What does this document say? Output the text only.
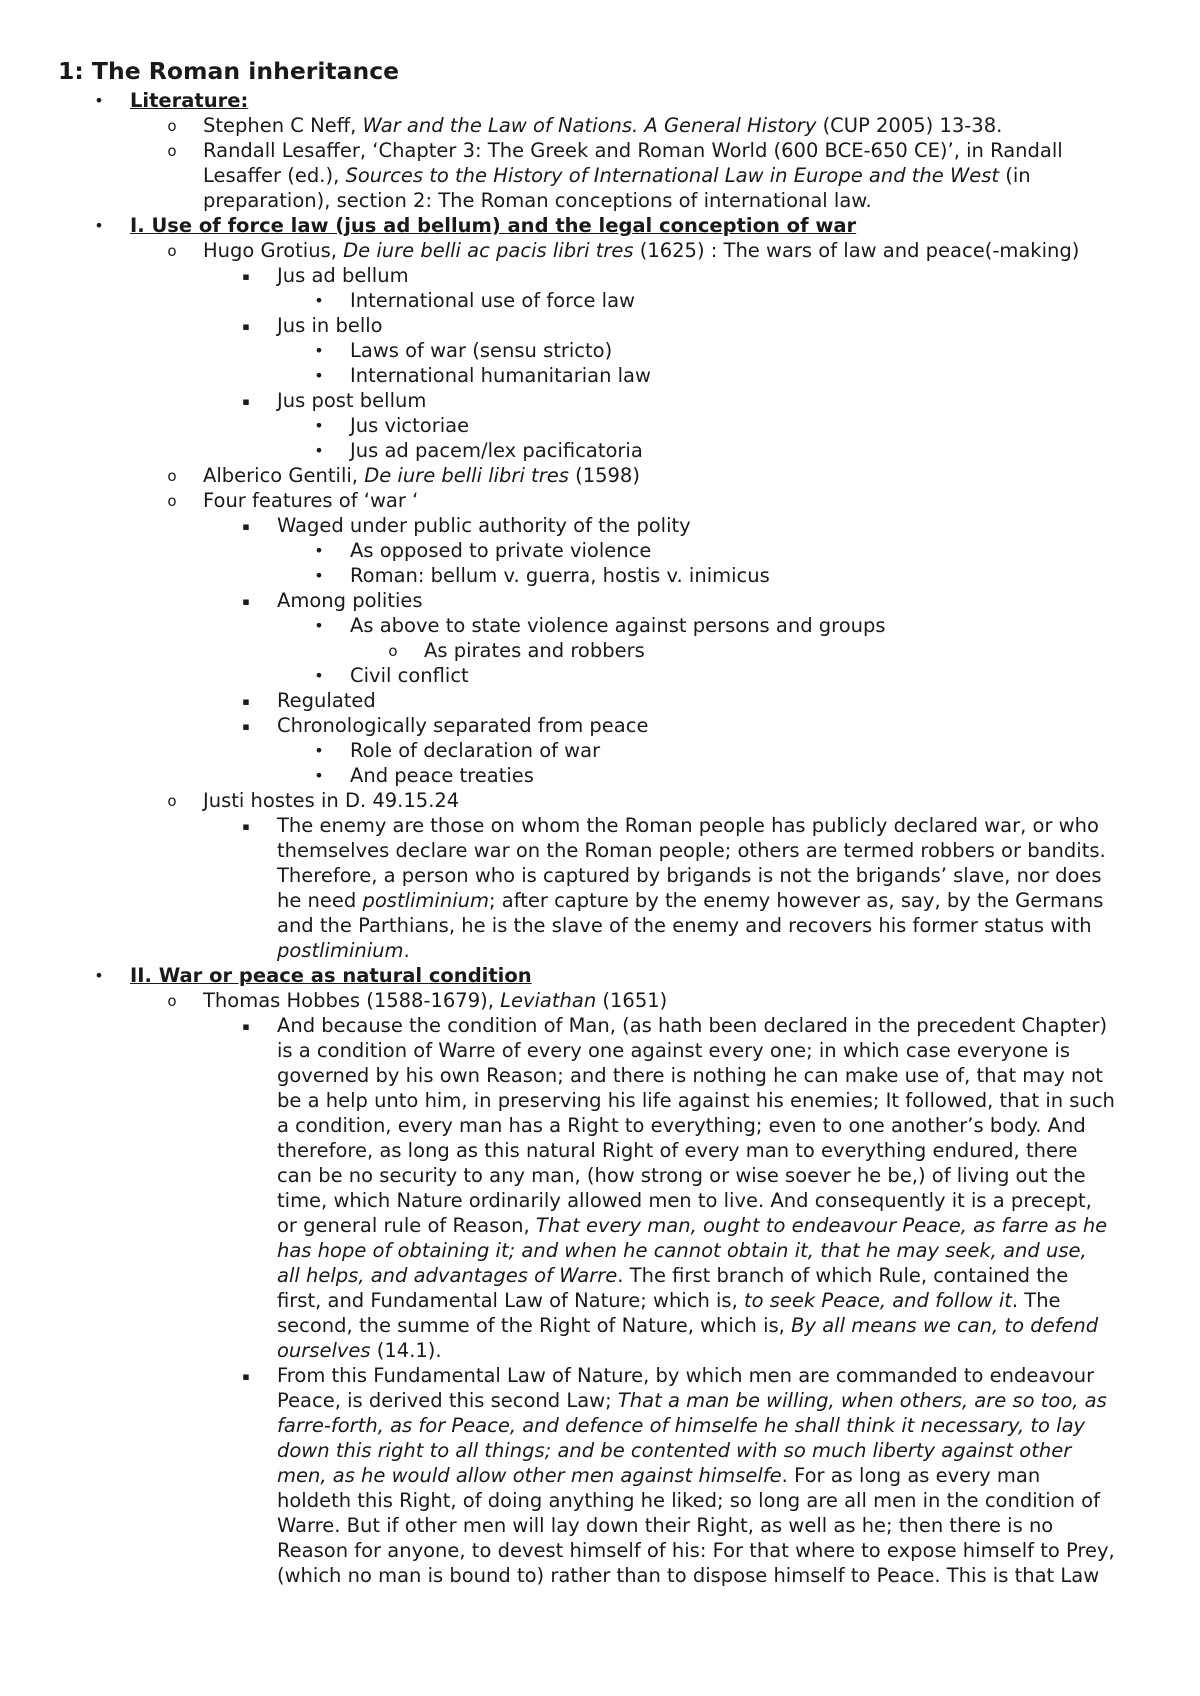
1: The Roman inheritance
• Literature:
o Stephen C Neff, War and the Law of Nations. A General History (CUP 2005) 13-38.
o Randall Lesaffer, ‘Chapter 3: The Greek and Roman World (600 BCE-650 CE)’, in Randall
Lesaffer (ed.), Sources to the History of International Law in Europe and the West (in
preparation), section 2: The Roman conceptions of international law.
• I. Use of force law (jus ad bellum) and the legal conception of war
o Hugo Grotius, De iure belli ac pacis libri tres (1625) : The wars of law and peace(-making)
▪	Jus ad bellum
• International use of force law
▪	Jus in bello
• Laws of war (sensu stricto)
• International humanitarian law
▪	Jus post bellum
• Jus victoriae
• Jus ad pacem/lex pacificatoria
o Alberico Gentili, De iure belli libri tres (1598)
o Four features of ‘war ‘
▪	Waged under public authority of the polity
• As opposed to private violence
• Roman: bellum v. guerra, hostis v. inimicus
▪	Among polities
• As above to state violence against persons and groups
o As pirates and robbers
• Civil conflict
▪	Regulated
▪	Chronologically separated from peace
• Role of declaration of war
• And peace treaties
o Justi hostes in D. 49.15.24
▪	The enemy are those on whom the Roman people has publicly declared war, or who
themselves declare war on the Roman people; others are termed robbers or bandits.
Therefore, a person who is captured by brigands is not the brigands’ slave, nor does
he need postliminium; after capture by the enemy however as, say, by the Germans
and the Parthians, he is the slave of the enemy and recovers his former status with
postliminium.
• II. War or peace as natural condition
o Thomas Hobbes (1588-1679), Leviathan (1651)
▪	And because the condition of Man, (as hath been declared in the precedent Chapter)
is a condition of Warre of every one against every one; in which case everyone is
governed by his own Reason; and there is nothing he can make use of, that may not
be a help unto him, in preserving his life against his enemies; It followed, that in such
a condition, every man has a Right to everything; even to one another’s body. And
therefore, as long as this natural Right of every man to everything endured, there
can be no security to any man, (how strong or wise soever he be,) of living out the
time, which Nature ordinarily allowed men to live. And consequently it is a precept,
or general rule of Reason, That every man, ought to endeavour Peace, as farre as he
has hope of obtaining it; and when he cannot obtain it, that he may seek, and use,
all helps, and advantages of Warre. The first branch of which Rule, contained the
first, and Fundamental Law of Nature; which is, to seek Peace, and follow it. The
second, the summe of the Right of Nature, which is, By all means we can, to defend
ourselves (14.1).
▪	From this Fundamental Law of Nature, by which men are commanded to endeavour
Peace, is derived this second Law; That a man be willing, when others, are so too, as
farre-forth, as for Peace, and defence of himselfe he shall think it necessary, to lay
down this right to all things; and be contented with so much liberty against other
men, as he would allow other men against himselfe. For as long as every man
holdeth this Right, of doing anything he liked; so long are all men in the condition of
Warre. But if other men will lay down their Right, as well as he; then there is no
Reason for anyone, to devest himself of his: For that where to expose himself to Prey,
(which no man is bound to) rather than to dispose himself to Peace. This is that Law
